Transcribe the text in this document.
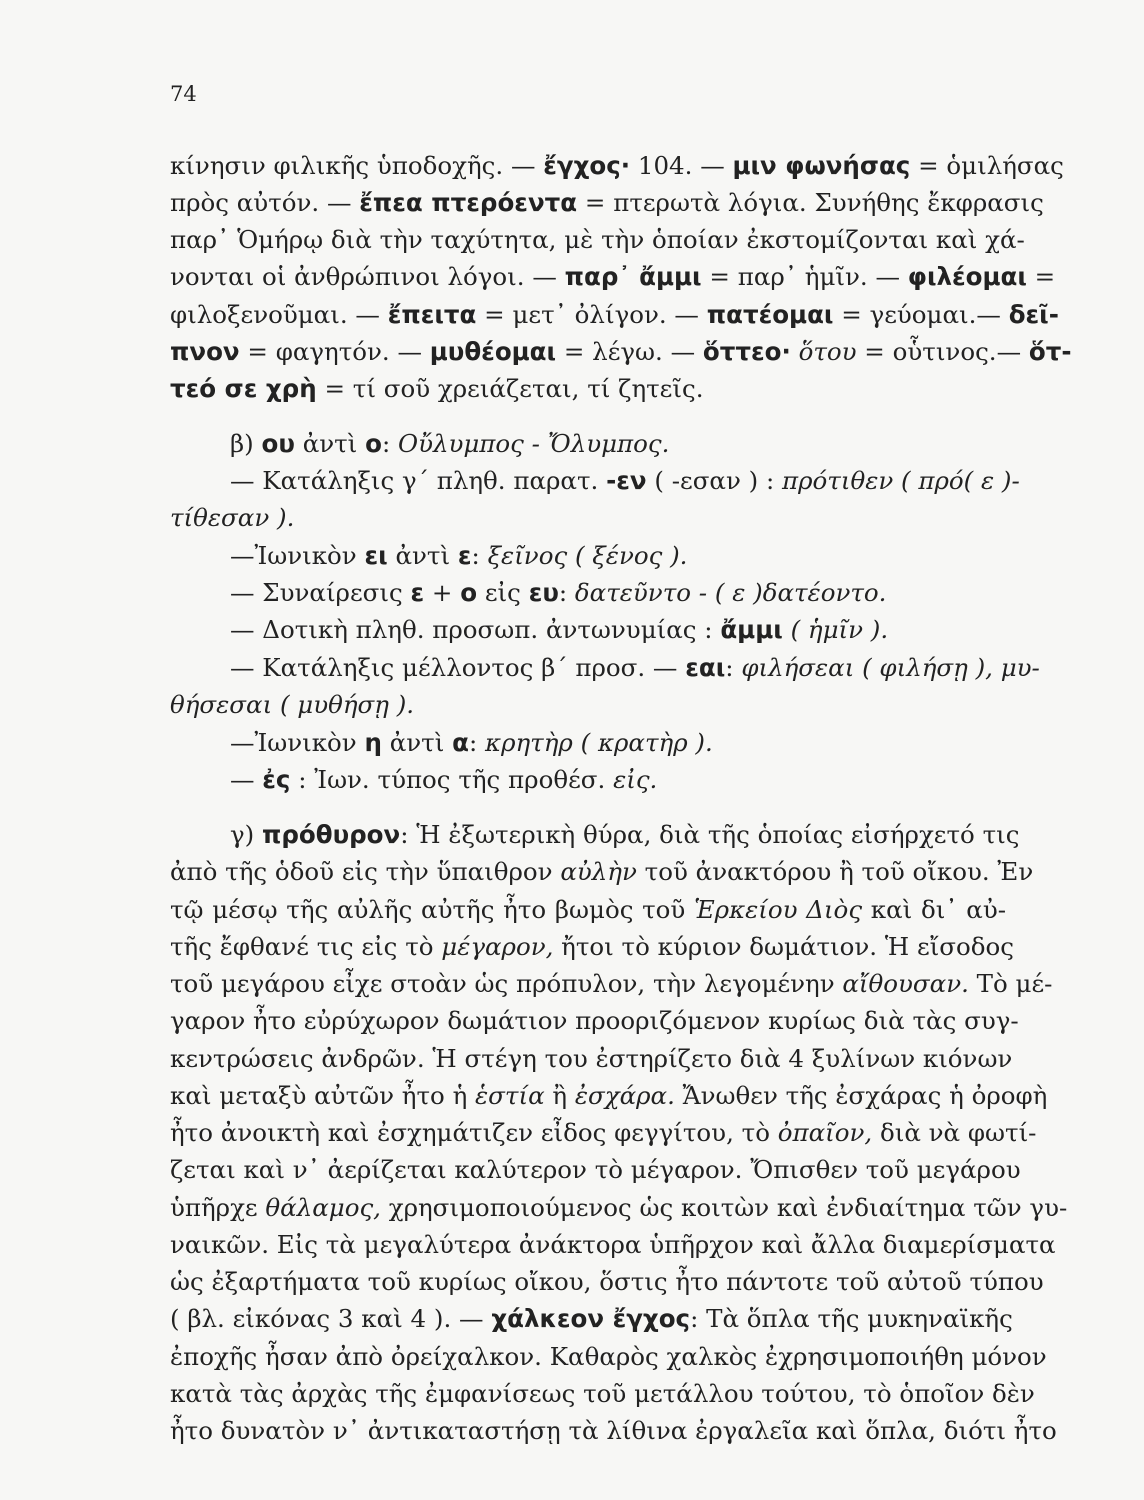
74
κίνησιν φιλικῆς ὑποδοχῆς. — ἔγχος· 104. — μιν φωνήσας = ὁμιλήσας
πρὸς αὐτόν. — ἔπεα πτερόεντα = πτερωτὰ λόγια. Συνήθης ἔκφρασις
παρ᾽ Ὁμήρῳ διὰ τὴν ταχύτητα, μὲ τὴν ὁποίαν ἐκστομίζονται καὶ χά-
νονται οἱ ἀνθρώπινοι λόγοι. — παρ᾽ ἄμμι = παρ᾽ ἡμῖν. — φιλέομαι =
φιλοξενοῦμαι. — ἔπειτα = μετ᾽ ὀλίγον. — πατέομαι = γεύομαι.— δεῖ-
πνον = φαγητόν. — μυθέομαι = λέγω. — ὅττεο· ὅτου = οὗτινος.— ὅτ-
τεό σε χρὴ = τί σοῦ χρειάζεται, τί ζητεῖς.
β) ου ἀντὶ ο: Οὔλυμπος - Ὄλυμπος.
— Κατάληξις γ΄ πληθ. παρατ. -εν ( -εσαν ) : πρότιθεν ( πρό( ε )-
τίθεσαν ).
—Ἰωνικὸν ει ἀντὶ ε: ξεῖνος ( ξένος ).
— Συναίρεσις ε + ο εἰς ευ: δατεῦντο - ( ε )δατέοντο.
— Δοτικὴ πληθ. προσωπ. ἀντωνυμίας : ἄμμι ( ἡμῖν ).
— Κατάληξις μέλλοντος β΄ προσ. — εαι: φιλήσεαι ( φιλήσῃ ), μυ-
θήσεσαι ( μυθήσῃ ).
—Ἰωνικὸν η ἀντὶ α: κρητὴρ ( κρατὴρ ).
— ἐς : Ἰων. τύπος τῆς προθέσ. εἰς.
γ) πρόθυρον: Ἡ ἐξωτερικὴ θύρα, διὰ τῆς ὁποίας εἰσήρχετό τις
ἀπὸ τῆς ὁδοῦ εἰς τὴν ὕπαιθρον αὐλὴν τοῦ ἀνακτόρου ἢ τοῦ οἴκου. Ἐν
τῷ μέσῳ τῆς αὐλῆς αὐτῆς ἦτο βωμὸς τοῦ Ἑρκείου Διὸς καὶ δι᾽ αὐ-
τῆς ἔφθανέ τις εἰς τὸ μέγαρον, ἤτοι τὸ κύριον δωμάτιον. Ἡ εἴσοδος
τοῦ μεγάρου εἶχε στοὰν ὡς πρόπυλον, τὴν λεγομένην αἴθουσαν. Τὸ μέ-
γαρον ἦτο εὐρύχωρον δωμάτιον προοριζόμενον κυρίως διὰ τὰς συγ-
κεντρώσεις ἀνδρῶν. Ἡ στέγη του ἐστηρίζετο διὰ 4 ξυλίνων κιόνων
καὶ μεταξὺ αὐτῶν ἦτο ἡ ἑστία ἢ ἐσχάρα. Ἄνωθεν τῆς ἐσχάρας ἡ ὀροφὴ
ἦτο ἀνοικτὴ καὶ ἐσχημάτιζεν εἶδος φεγγίτου, τὸ ὀπαῖον, διὰ νὰ φωτί-
ζεται καὶ ν᾽ ἀερίζεται καλύτερον τὸ μέγαρον. Ὄπισθεν τοῦ μεγάρου
ὑπῆρχε θάλαμος, χρησιμοποιούμενος ὡς κοιτὼν καὶ ἐνδιαίτημα τῶν γυ-
ναικῶν. Εἰς τὰ μεγαλύτερα ἀνάκτορα ὑπῆρχον καὶ ἄλλα διαμερίσματα
ὡς ἐξαρτήματα τοῦ κυρίως οἴκου, ὅστις ἦτο πάντοτε τοῦ αὐτοῦ τύπου
( βλ. εἰκόνας 3 καὶ 4 ). — χάλκεον ἔγχος: Τὰ ὅπλα τῆς μυκηναϊκῆς
ἐποχῆς ἦσαν ἀπὸ ὀρείχαλκον. Καθαρὸς χαλκὸς ἐχρησιμοποιήθη μόνον
κατὰ τὰς ἀρχὰς τῆς ἐμφανίσεως τοῦ μετάλλου τούτου, τὸ ὁποῖον δὲν
ἦτο δυνατὸν ν᾽ ἀντικαταστήσῃ τὰ λίθινα ἐργαλεῖα καὶ ὅπλα, διότι ἦτο
